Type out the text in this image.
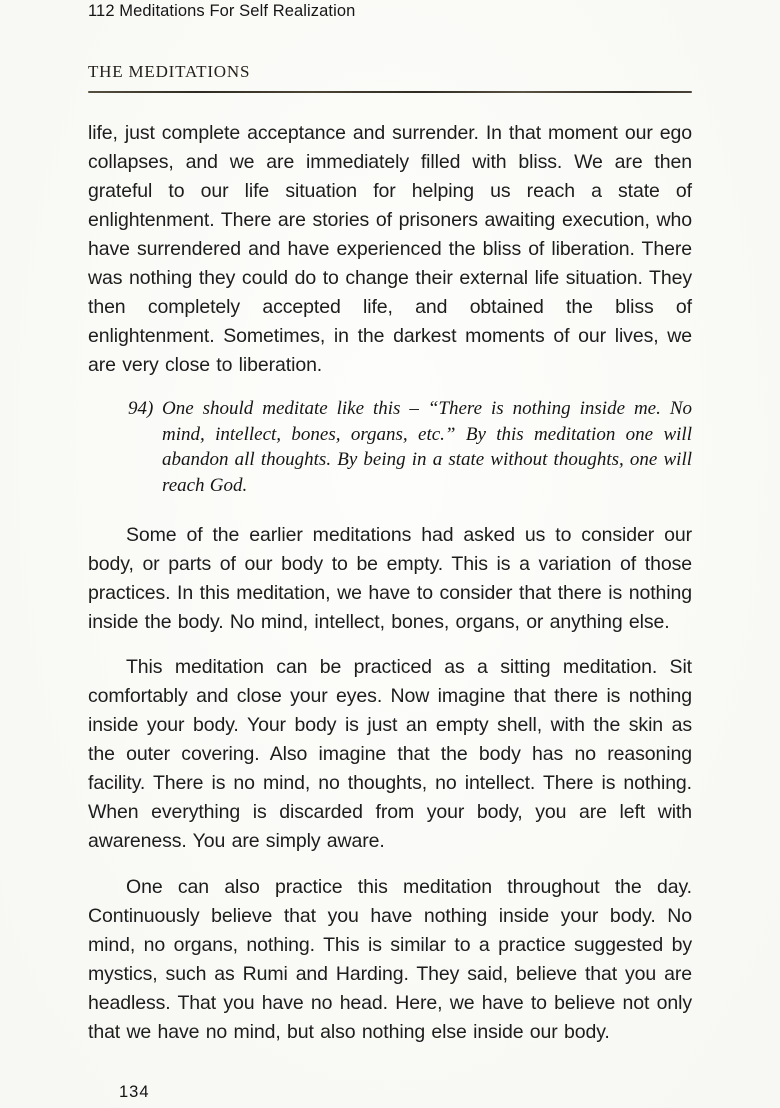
112 Meditations For Self Realization
THE MEDITATIONS

life, just complete acceptance and surrender. In that moment our ego collapses, and we are immediately filled with bliss. We are then grateful to our life situation for helping us reach a state of enlightenment. There are stories of prisoners awaiting execution, who have surrendered and have experienced the bliss of liberation. There was nothing they could do to change their external life situation. They then completely accepted life, and obtained the bliss of enlightenment. Sometimes, in the darkest moments of our lives, we are very close to liberation.

94) One should meditate like this – “There is nothing inside me. No mind, intellect, bones, organs, etc.” By this meditation one will abandon all thoughts. By being in a state without thoughts, one will reach God.

Some of the earlier meditations had asked us to consider our body, or parts of our body to be empty. This is a variation of those practices. In this meditation, we have to consider that there is nothing inside the body. No mind, intellect, bones, organs, or anything else.

This meditation can be practiced as a sitting meditation. Sit comfortably and close your eyes. Now imagine that there is nothing inside your body. Your body is just an empty shell, with the skin as the outer covering. Also imagine that the body has no reasoning facility. There is no mind, no thoughts, no intellect. There is nothing. When everything is discarded from your body, you are left with awareness. You are simply aware.

One can also practice this meditation throughout the day. Continuously believe that you have nothing inside your body. No mind, no organs, nothing. This is similar to a practice suggested by mystics, such as Rumi and Harding. They said, believe that you are headless. That you have no head. Here, we have to believe not only that we have no mind, but also nothing else inside our body.

134
